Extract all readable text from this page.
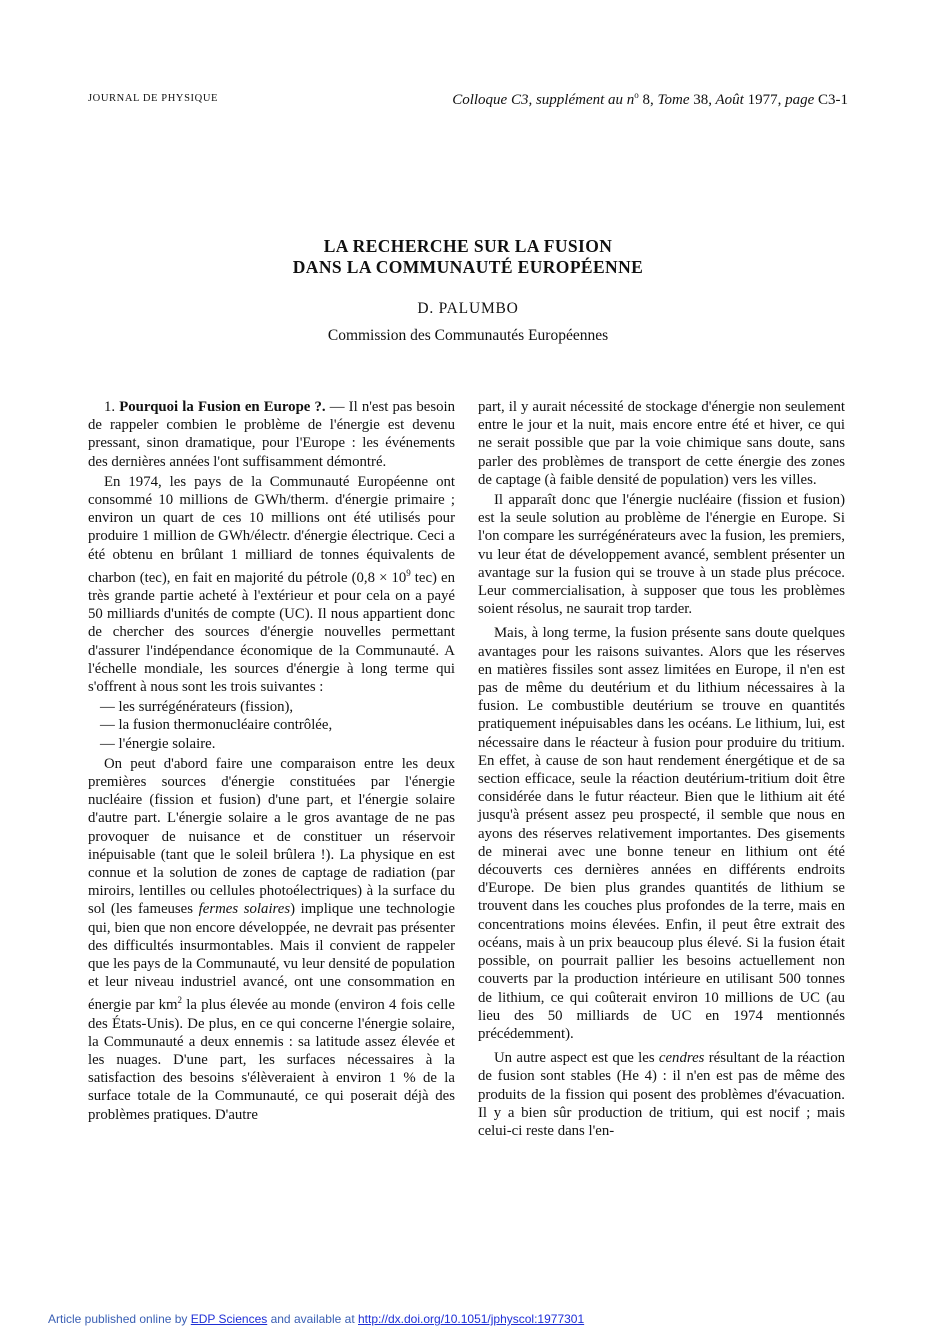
JOURNAL DE PHYSIQUE	Colloque C3, supplément au $n^o$ 8, Tome 38, Août 1977, page C3-1
LA RECHERCHE SUR LA FUSION
DANS LA COMMUNAUTÉ EUROPÉENNE
D. PALUMBO
Commission des Communautés Européennes

1. Pourquoi la Fusion en Europe ?. — Il n'est pas besoin de rappeler combien le problème de l'énergie est devenu pressant, sinon dramatique, pour l'Europe : les événements des dernières années l'ont suffisamment démontré.

En 1974, les pays de la Communauté Européenne ont consommé 10 millions de GWh/therm. d'énergie primaire ; environ un quart de ces 10 millions ont été utilisés pour produire 1 million de GWh/électr. d'énergie électrique. Ceci a été obtenu en brûlant 1 milliard de tonnes équivalents de charbon (tec), en fait en majorité du pétrole ($0,8 \times 10^9$ tec) en très grande partie acheté à l'extérieur et pour cela on a payé 50 milliards d'unités de compte (UC). Il nous appartient donc de chercher des sources d'énergie nouvelles permettant d'assurer l'indépendance économique de la Communauté. A l'échelle mondiale, les sources d'énergie à long terme qui s'offrent à nous sont les trois suivantes :

— les surrégénérateurs (fission),
— la fusion thermonucléaire contrôlée,
— l'énergie solaire.

On peut d'abord faire une comparaison entre les deux premières sources d'énergie constituées par l'énergie nucléaire (fission et fusion) d'une part, et l'énergie solaire d'autre part. L'énergie solaire a le gros avantage de ne pas provoquer de nuisance et de constituer un réservoir inépuisable (tant que le soleil brûlera !). La physique en est connue et la solution de zones de captage de radiation (par miroirs, lentilles ou cellules photoélectriques) à la surface du sol (les fameuses fermes solaires) implique une technologie qui, bien que non encore développée, ne devrait pas présenter des difficultés insurmontables. Mais il convient de rappeler que les pays de la Communauté, vu leur densité de population et leur niveau industriel avancé, ont une consommation en énergie par $km^2$ la plus élevée au monde (environ 4 fois celle des États-Unis). De plus, en ce qui concerne l'énergie solaire, la Communauté a deux ennemis : sa latitude assez élevée et les nuages. D'une part, les surfaces nécessaires à la satisfaction des besoins s'élèveraient à environ 1 % de la surface totale de la Communauté, ce qui poserait déjà des problèmes pratiques. D'autre

part, il y aurait nécessité de stockage d'énergie non seulement entre le jour et la nuit, mais encore entre été et hiver, ce qui ne serait possible que par la voie chimique sans doute, sans parler des problèmes de transport de cette énergie des zones de captage (à faible densité de population) vers les villes.

Il apparaît donc que l'énergie nucléaire (fission et fusion) est la seule solution au problème de l'énergie en Europe. Si l'on compare les surrégénérateurs avec la fusion, les premiers, vu leur état de développement avancé, semblent présenter un avantage sur la fusion qui se trouve à un stade plus précoce. Leur commercialisation, à supposer que tous les problèmes soient résolus, ne saurait trop tarder.

Mais, à long terme, la fusion présente sans doute quelques avantages pour les raisons suivantes. Alors que les réserves en matières fissiles sont assez limitées en Europe, il n'en est pas de même du deutérium et du lithium nécessaires à la fusion. Le combustible deutérium se trouve en quantités pratiquement inépuisables dans les océans. Le lithium, lui, est nécessaire dans le réacteur à fusion pour produire du tritium. En effet, à cause de son haut rendement énergétique et de sa section efficace, seule la réaction deutérium-tritium doit être considérée dans le futur réacteur. Bien que le lithium ait été jusqu'à présent assez peu prospecté, il semble que nous en ayons des réserves relativement importantes. Des gisements de minerai avec une bonne teneur en lithium ont été découverts ces dernières années en différents endroits d'Europe. De bien plus grandes quantités de lithium se trouvent dans les couches plus profondes de la terre, mais en concentrations moins élevées. Enfin, il peut être extrait des océans, mais à un prix beaucoup plus élevé. Si la fusion était possible, on pourrait pallier les besoins actuellement non couverts par la production intérieure en utilisant 500 tonnes de lithium, ce qui coûterait environ 10 millions de UC (au lieu des 50 milliards de UC en 1974 mentionnés précédemment).

Un autre aspect est que les cendres résultant de la réaction de fusion sont stables (He 4) : il n'en est pas de même des produits de la fission qui posent des problèmes d'évacuation. Il y a bien sûr production de tritium, qui est nocif ; mais celui-ci reste dans l'en-

Article published online by EDP Sciences and available at http://dx.doi.org/10.1051/jphyscol:1977301
